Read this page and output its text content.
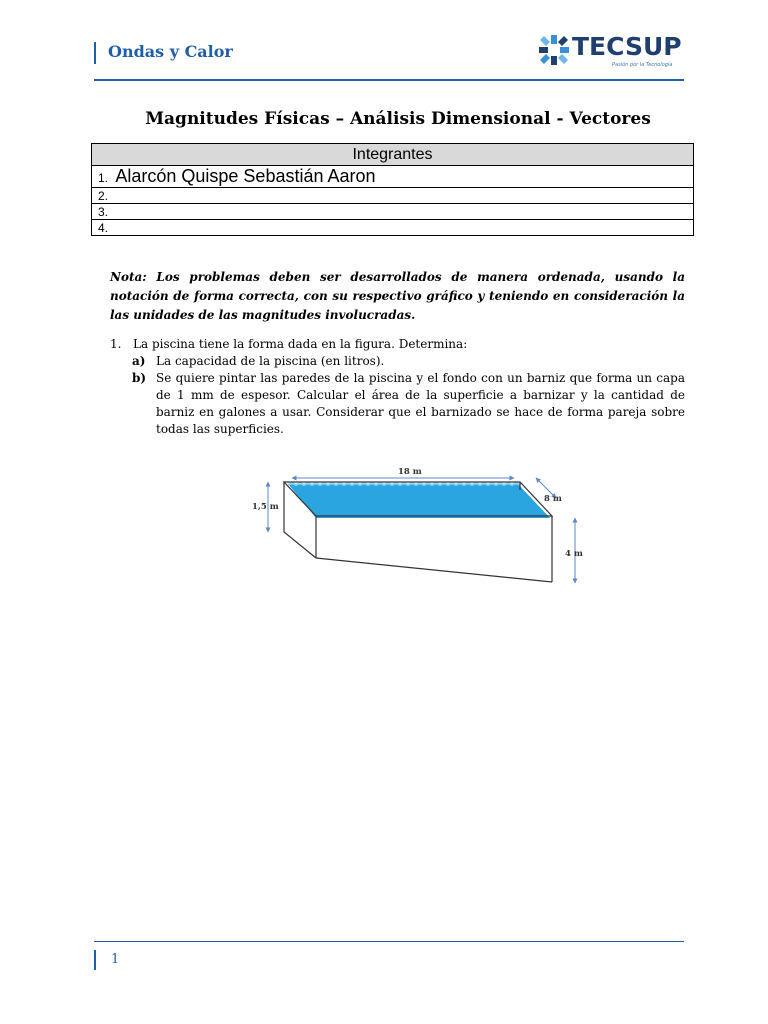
Ondas y Calor	TECSUP
Pasión por la Tecnología
Magnitudes Físicas – Análisis Dimensional - Vectores
Integrantes
1. Alarcón Quispe Sebastián Aaron
2.
3.
4.
Nota: Los problemas deben ser desarrollados de manera ordenada, usando la notación de forma correcta, con su respectivo gráfico y teniendo en consideración la las unidades de las magnitudes involucradas.
1. La piscina tiene la forma dada en la figura. Determina:
a) La capacidad de la piscina (en litros).
b) Se quiere pintar las paredes de la piscina y el fondo con un barniz que forma un capa de 1 mm de espesor. Calcular el área de la superficie a barnizar y la cantidad de barniz en galones a usar. Considerar que el barnizado se hace de forma pareja sobre todas las superficies.
18 m
8 m
1,5 m
4 m
1
